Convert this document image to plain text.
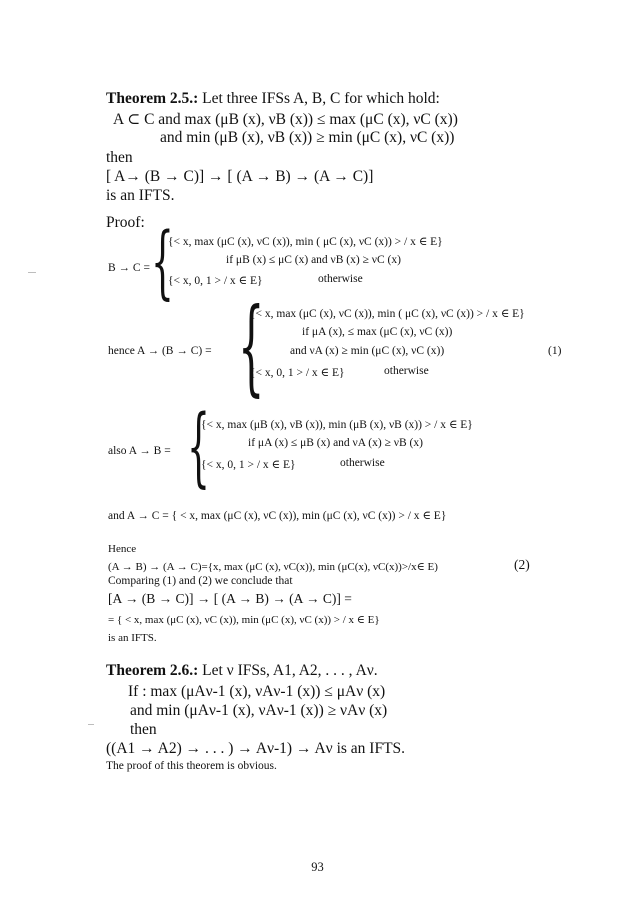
Theorem 2.5.: Let three IFSs A, B, C for which hold:
A ⊂ C and max (μB (x), νB (x)) ≤ max (μC (x), νC (x))
and min (μB (x), νB (x)) ≥ min (μC (x), νC (x))
then
[ A→ (B → C)] → [ (A → B) → (A → C)]
is an IFTS.
Proof:
B → C = {
{< x, max (μC (x), νC (x)), min ( μC (x), νC (x)) > / x ∈ E}
if μB (x) ≤ μC (x) and νB (x) ≥ νC (x)
{< x, 0, 1 > / x ∈ E}	otherwise
hence A → (B → C) = {
{< x, max (μC (x), νC (x)), min ( μC (x), νC (x)) > / x ∈ E}
if μA (x), ≤ max (μC (x), νC (x))
and νA (x) ≥ min (μC (x), νC (x))
{< x, 0, 1 > / x ∈ E}	otherwise
(1)
also A → B = {
{< x, max (μB (x), νB (x)), min (μB (x), νB (x)) > / x ∈ E}
if μA (x) ≤ μB (x) and νA (x) ≥ νB (x)
{< x, 0, 1 > / x ∈ E}	otherwise
and A → C = { < x, max (μC (x), νC (x)), min (μC (x), νC (x)) > / x ∈ E}
Hence
(A → B) → (A → C)={x, max (μC (x), νC(x)), min (μC(x), νC(x))>/x∈ E)	(2)
Comparing (1) and (2) we conclude that
[A → (B → C)] → [ (A → B) → (A → C)] =
= { < x, max (μC (x), νC (x)), min (μC (x), νC (x)) > / x ∈ E}
is an IFTS.
Theorem 2.6.: Let ν IFSs, A1, A2, . . . , Aν.
If : max (μAν-1 (x), νAν-1 (x)) ≤ μAν (x)
and min (μAν-1 (x), νAν-1 (x)) ≥ νAν (x)
then
((A1 → A2) → . . . ) → Aν-1) → Aν is an IFTS.
The proof of this theorem is obvious.
93
